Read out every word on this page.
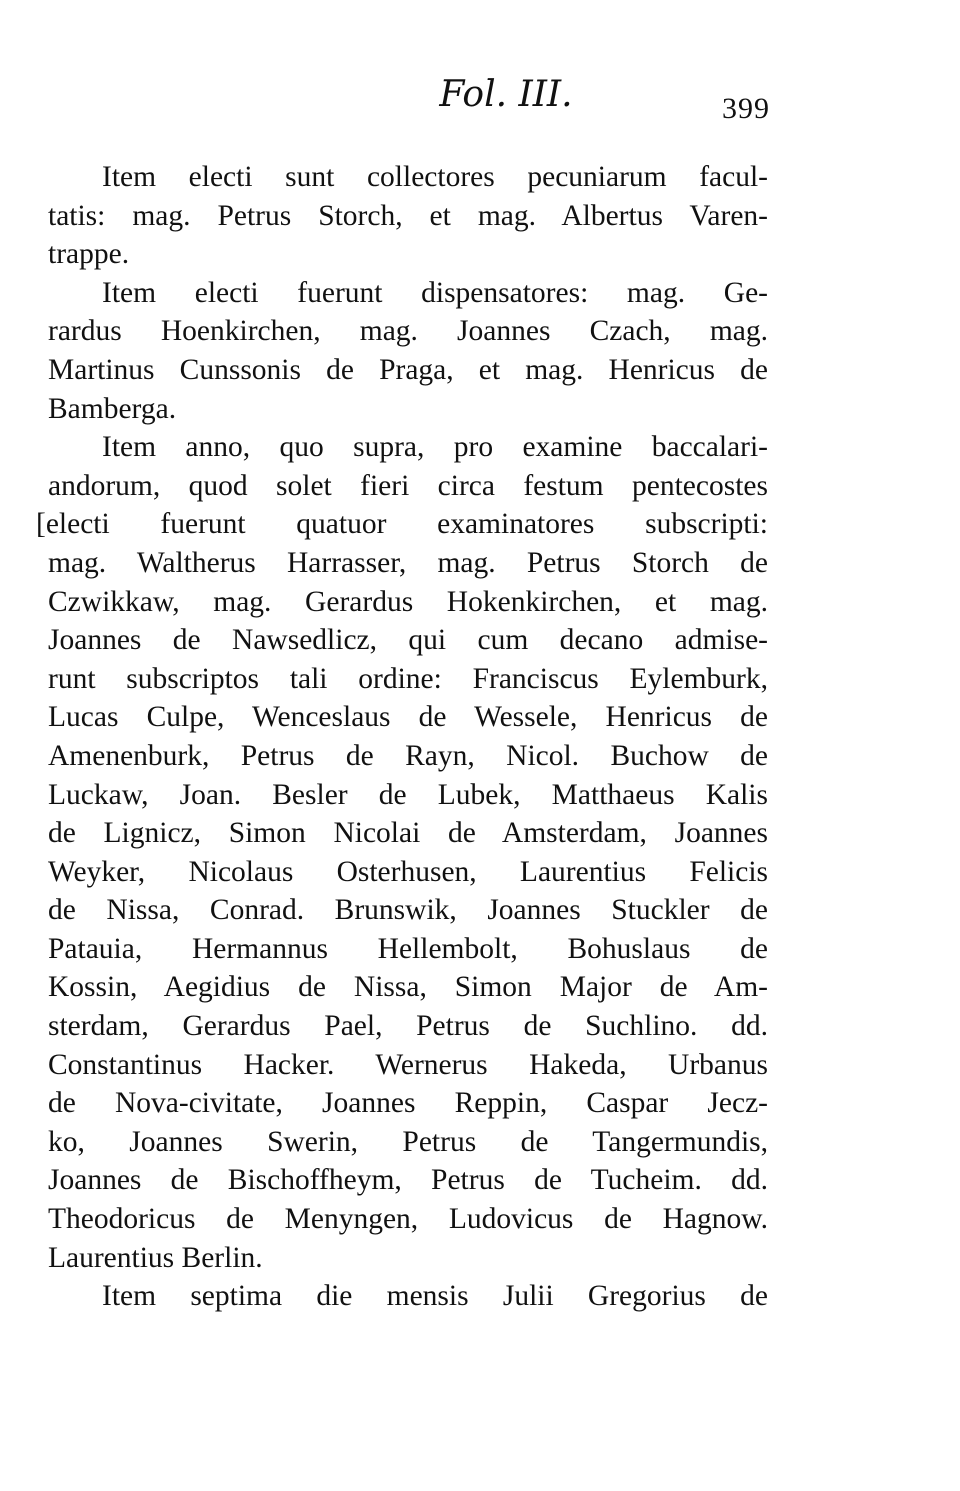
Fol. III.	399
Item electi sunt collectores pecuniarum facul-
tatis: mag. Petrus Storch, et mag. Albertus Varen-
trappe.
Item electi fuerunt dispensatores: mag. Ge-
rardus Hoenkirchen, mag. Joannes Czach, mag.
Martinus Cunssonis de Praga, et mag. Henricus de
Bamberga.
Item anno, quo supra, pro examine baccalari-
andorum, quod solet fieri circa festum pentecostes
[electi fuerunt quatuor examinatores subscripti:
mag. Waltherus Harrasser, mag. Petrus Storch de
Czwikkaw, mag. Gerardus Hokenkirchen, et mag.
Joannes de Nawsedlicz, qui cum decano admise-
runt subscriptos tali ordine: Franciscus Eylemburk,
Lucas Culpe, Wenceslaus de Wessele, Henricus de
Amenenburk, Petrus de Rayn, Nicol. Buchow de
Luckaw, Joan. Besler de Lubek, Matthaeus Kalis
de Lignicz, Simon Nicolai de Amsterdam, Joannes
Weyker, Nicolaus Osterhusen, Laurentius Felicis
de Nissa, Conrad. Brunswik, Joannes Stuckler de
Patauia, Hermannus Hellembolt, Bohuslaus de
Kossin, Aegidius de Nissa, Simon Major de Am-
sterdam, Gerardus Pael, Petrus de Suchlino. dd.
Constantinus Hacker. Wernerus Hakeda, Urbanus
de Nova-civitate, Joannes Reppin, Caspar Jecz-
ko, Joannes Swerin, Petrus de Tangermundis,
Joannes de Bischoffheym, Petrus de Tucheim. dd.
Theodoricus de Menyngen, Ludovicus de Hagnow.
Laurentius Berlin.
Item septima die mensis Julii Gregorius de
